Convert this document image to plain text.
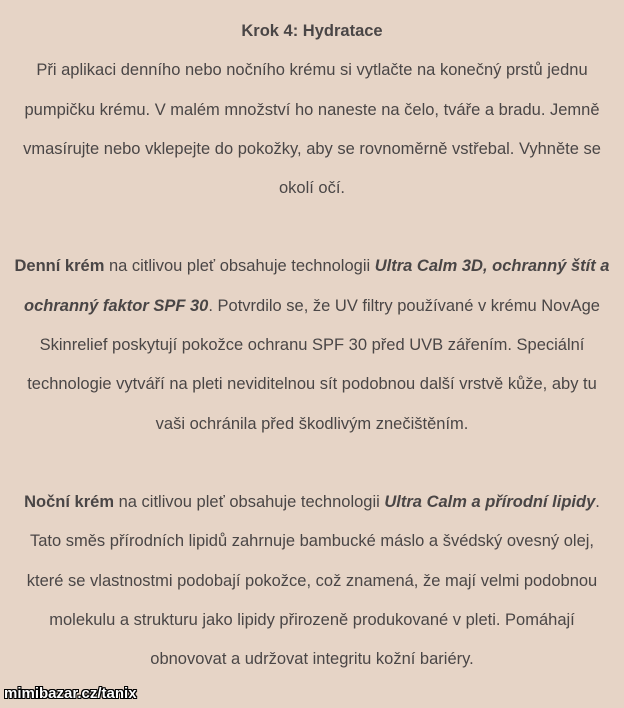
Krok 4: Hydratace
Při aplikaci denního nebo nočního krému si vytlačte na konečný prstů jednu pumpičku krému. V malém množství ho naneste na čelo, tváře a bradu. Jemně vmasírujte nebo vklepejte do pokožky, aby se rovnoměrně vstřebal. Vyhněte se okolí očí.
Denní krém na citlivou pleť obsahuje technologii Ultra Calm 3D, ochranný štít a ochranný faktor SPF 30. Potvrdilo se, že UV filtry používané v krému NovAge Skinrelief poskytují pokožce ochranu SPF 30 před UVB zářením. Speciální technologie vytváří na pleti neviditelnou sít podobnou další vrstvě kůže, aby tu vaši ochránila před škodlivým znečištěním.
Noční krém na citlivou pleť obsahuje technologii Ultra Calm a přírodní lipidy. Tato směs přírodních lipidů zahrnuje bambucké máslo a švédský ovesný olej, které se vlastnostmi podobají pokožce, což znamená, že mají velmi podobnou molekulu a strukturu jako lipidy přirozeně produkované v pleti. Pomáhají obnovovat a udržovat integritu kožní bariéry.
mimibazar.cz/tanix
